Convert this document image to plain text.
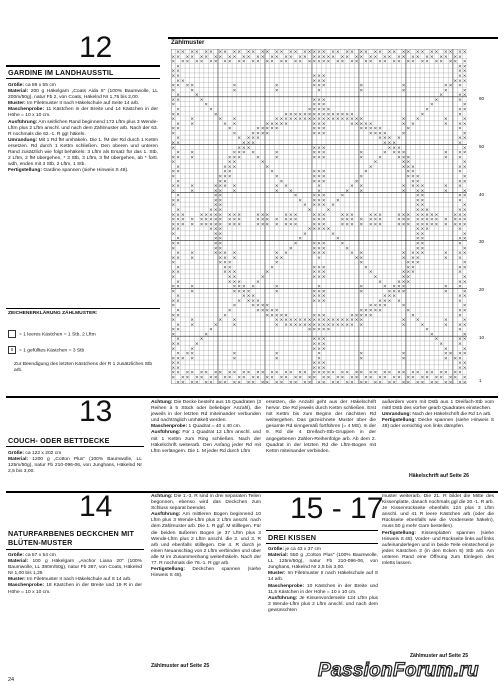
12
GARDINE IM LANDHAUSSTIL

Größe: ca 89 x 55 cm

Material: 200 g Häkelgarn „Coats Aida 5" (100% Baumwolle, LL 200m/50g), natur Fb 2, von Coats, Häkelnd Nr 1,75 bis 2,00.

Muster: Im Filetmuster II nach Häkelschule auf Seite 14 arb.

Maschenprobe: 11 Kästchen in der Breite und 14 Kästchen in der Höhe = 10 x 10 cm.

Ausführung: Am seitlichen Rand beginnend 172 Lftm plus 3 Wende-Lftm plus 2 Lftm anschl. und nach dem Zählmuster arb. Nach der 63. R nochmals die 62.-1. R gg! häkeln.

Umrandung: Mit 1 Rd fM umhäkeln. Die 1. fM der Rd durch 1 Kettm ersetzen. Rd durch 1 Kettm schließen. Den oberen und unteren Rand zusätzlich wie folgt behäkeln: 3 Lftm als Ersatz für das 1. Stb, 2 Lftm, 2 fM übergehen, * 3 Stb, 3 Lftm, 3 fM übergehen, ab * fortl. wdh, enden mit 3 Stb, 2 Lftm, 1 Stb.

Fertigstellung: Gardine spannen (siehe Hinweis S 48).

ZEICHENERKLÄRUNG ZÄHLMUSTER:
= 1 leeres Kästchen = 1 Stb, 2 Lftm
x = 1 gefülltes Kästchen = 3 Stb
Zur Beendigung des letzten Kästchens der R 1 zusätzliches Stb arb.
Zählmuster
× × × × × × × × × × × × × × × × × × × × × × × × × × × × × × × × × × × × × × × × × × ×
× × × × × × × × × × × × × × × × × × × × × × × × × × × × × × × × × × × × × × × × × × ×
× × × × × × × × × × × × × × × × × × × × × × × × × × × × × × × × × × × × × × × × × × ×
×	× ×
× ×	× ×
× ×	× × ×	× ×
× ×	× × ×	× × ×
× × × ×	×	×	× × ×	×	×	× × ×
×	×	×	×	×	×	×	×	×
×	×	×	× ×
× ×	×	× × ×	×	×
×	×	× × ×	×	×
×	×	× × × × ×	×	× ×
× ×	×	× × × × × × × × × × × × × × ×	×	×
×	×	× ×	× × × × × × × × × × × × × × × × × × ×	× ×	×	×
× ×	× ×	× × × × ×	× × ×	× × × × ×	× ×	× × ×
× ×	×	× × × × ×	× × ×	× × × × ×	×	×
×	×	× × × ×	× × ×	× × × ×	×	×
×	× × × ×	× × × ×	× ×
× ×	× × ×	× × ×	×
×	× × ×	× × ×	× × ×	×
× ×	× × × ×	×	× × ×	×	× × × ×	× × ×
× × ×	× × ×	×	×	× × ×	×	×	× × ×	× ×
×	× ×	×	×	× ×	×
×	× × ×	×	×	× × ×	× ×
× ×	× ×	×	× × ×	×	× ×	×
×	× × ×	×	× × ×	×	× × ×	×
×	× ×	×	× × ×	×	× ×	× ×
× × ×	× × × ×	× ×	×	× ×	× × × ×	× ×
×	×	× × ×	× ×	×	× ×	× × ×	×	×
×	× ×	×	× × ×	×	× ×	× ×
× ×	× ×	× × × × ×	× ×	×
×	× ×	× × × × ×	× ×	×
×	× × ×	×	×	× × ×	× ×
× × ×	× × × × × × × ×	× × ×	× × ×	× × ×	× × ×	× × ×	× × × × × × × ×	× × ×
× × × × × × × × × × × ×	× × × × × × ×	× × ×	× × × × × × ×	× × × × × × × × × × × ×
× × × × × × × × × × × ×	× × × × × × ×	× × ×	× × × × × × ×	× × × × × × × × × × × ×
× ×	× × ×	× × × × ×	× × ×	×
×	× ×	×	×	× ×	×
×	× ×	×	×	× ×	× ×
× ×	× ×	×	× × ×	×	× ×	×
×	× ×	×	× × ×	×	× ×	×
× ×	× × × ×	× ×	× × ×	× ×	× × × ×	× × ×
× × ×	× × ×	× ×	×	× ×	× × ×	× ×
×	× × ×	×	×	× × ×	×
×	× ×	×	× × ×	×	× ×	× ×
× ×	× × ×	×	× × ×	×	× × ×	×
×	× ×	×	× × ×	×	× ×	×
×	× × ×	×	×	× × ×	× ×
× × ×	× × × ×	×	×	×	× × × ×	× ×
×	×	× × × ×	×	× × ×	×	× × × ×	×	×
×	× × ×	× × ×	× × ×	× ×
× ×	× × × ×	× × ×	× × × ×	×
×	×	× × × ×	× × × ×	×	×
×	×	× × × × ×	× × × × ×	×	× ×
× ×	×	× × × × ×	× × ×	× × × × ×	×	×
×	×	× ×	× × × × × × × × × × × × × × × × × × ×	× ×	×	×
× ×	×	×	× × × × × × × × × × × × × × × × ×	×	×	× × ×
× ×	×	× × × × ×	×	×
×	×	×	×
×	×	× × ×	×	× ×
× ×	×	× × ×	×	×
×	×	× × ×	×	×
× × ×	×	×	×	×	×	× × × ×
× × × ×	×	×	×	×	×	× × ×
× ×	× × ×	× ×
× ×	× × ×	× ×
× × × × × × × × × × × × × × × × × × × × × × × × × × × × × × × × × × × × × × × × × × ×
× × × × × × × × × × × × × × × × × × × × × × × × × × × × × × × × × × × × × × × × × ×
× × × × × × × × × × × × × × × × × × × × × × × × × × × × × × × × × × × × × × × × × ×
60
50
40
30
20
10
1
13
COUCH- ODER BETTDECKE

Größe: ca 122 x 202 cm

Material: 1200 g „Cotton Plus" (100% Baumwolle, LL 125m/50g), natur Fb 210-096-06, von Junghans, Häkelnd Nr 2,5 bis 3,00.

Achtung: Die Decke besteht aus 15 Quadraten (3 Reihen à 5 Stück oder beliebiger Anzahl), die jeweils in der letzten Rd miteinander verbunden und nachträglich umhäkelt werden.

Maschenprobe: 1 Quadrat = 40 x 40 cm.

Ausführung: Für 1 Quadrat 12 Lftm anschl. und mit 1 Kettm zum Ring schließen. Nach der Häkelschrift weiterarb. Den Anfang jeder Rd mit Lftm verlängern. Die 1. M jeder Rd durch Lftm

ersetzen, die Anzahl geht aus der Häkelschrift hervor. Die Rd jeweils durch Kettm schließen. Erst mit Kettm bis zum Beginn der nächsten Rd weitergehen. Das gezeichnete Muster über die gesamte Rd sinngemäß fortführen (= 4 MS). In der 9. Rd die 4 Dreifach-Stb-Gruppen in der angegebenen Zahlen-Reihenfolge arb. Ab dem 2. Quadrat in der letzten Rd die Lftm-Bogen mit Kettm miteinander verbinden.

außerdem vorm mit Dstb aus 1 Dreifach-Stb vom mittl Dstb des vorher gearb Quadrates einstechen.

Umrandung: Nach der Häkelschrift die Rd 1A arb.

Fertigstellung: Decke spannen (siehe Hinweis S 48) oder vorsichtig von links dämpfen.

Häkelschrift auf Seite 26
14
NATURFARBENES DECKCHEN MIT BLÜTEN-MUSTER

Größe: ca 57 x 54 cm

Material: 100 g Häkelgarn „Anchor Liana 20" (100% Baumwolle, LL 380m/50g), natur Fb 387, von Coats, Häkelnd Nr 1,00 bis 1,25

Muster: Im Filetmuster II nach Häkelschule auf S 14 arb.

Maschenprobe: 18 Kästchen in der Breite und 19 R in der Höhe = 10 x 10 cm.

Achtung: Die 1.-3. R sind in drei separaten Teilen begonnen, ebenso wird das Deckchen zum Schluss separat beendet.

Ausführung: Am mittleren Bogen beginnend 10 Lftm plus 3 Wende-Lftm plus 2 Lftm anschl. nach dem Zählmuster arb. Die 1. R ggf. M stilllegen. Für die beiden äußeren Bogen je 37 Lftm plus 3 Wende-Lftm plus 2 Lftm anschl. die 2. und 3. R arb und ebenfalls stilllegen. Die 4. R durch je einen Neuanschlag von 2 Lftm verbinden und über alle M im Zusammenhang weiterhäkeln. Nach der 77. R nochmals die 76.-1. R gg! arb.

Fertigstellung: Deckchen spannen (siehe Hinweis S 48).

Zählmuster auf Seite 25
15 - 17
DREI KISSEN

Größe: je ca 43 x 37 cm

Material: 550 g „Cotton Plus" (100% Baumwolle, LL 125m/50g), natur Fb 210-096-06, von Junghans, Häkelnd Nr 2,5 bis 3,00.

Muster: Im Filetmuster II nach Häkelschule auf S 14 arb.

Maschenprobe: 10 Kästchen in der Breite und 11,5 Kästchen in der Höhe = 10 x 10 cm.

Ausführung: Je Kissenvorderseite 124 Lftm plus 3 Wende-Lftm plus 2 Lftm anschl. und nach dem gewünschten

muster weiterarb. Die 21. R bildet die Mitte des Kissenplatte, danach nochmals ggl die 20.-1. R arb. Je Kissenrückseite ebenfalls 124 plus 3 Lftm anschl. und 41 R leere Kästchen arb (oder die Rückseite ebenfalls wie die Vorderseite häkeln), muss 50 g mehr Garn bestellen).

Fertigstellung: Kissenplatten spannen (siehe Hinweis S 48). Vorder- und Rückseite links auf links aufeinanderlegen und in beide Teile einstechend je jedes Kästchen 3 (in den Ecken 5) Stb arb. Am unteren Rand eine Öffnung zum Einlegen des Inletts lassen.

Zählmuster auf Seite 25
24	PassionForum.ru
